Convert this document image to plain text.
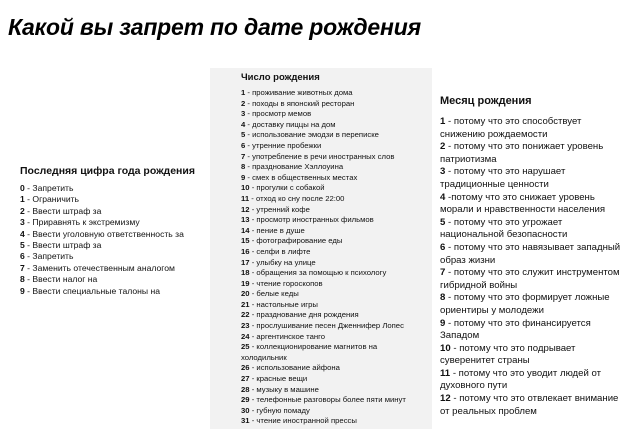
Какой вы запрет по дате рождения
Последняя цифра года рождения
0 - Запретить
1 - Ограничить
2 - Ввести штраф за
3 - Приравнять к экстремизму
4 - Ввести уголовную ответственность за
5 - Ввести штраф за
6 - Запретить
7 - Заменить отечественным аналогом
8 - Ввести налог на
9 - Ввести специальные талоны на
Число рождения
1 - проживание животных дома
2 - походы в японский ресторан
3 - просмотр мемов
4 - доставку пиццы на дом
5 - использование эмодзи в переписке
6 - утренние пробежки
7 - употребление в речи иностранных слов
8 - празднование Хэллоуина
9 - смех в общественных местах
10 - прогулки с собакой
11 - отход ко сну после 22:00
12 - утренний кофе
13 - просмотр иностранных фильмов
14 - пение в душе
15 - фотографирование еды
16 - селфи в лифте
17 - улыбку на улице
18 - обращения за помощью к психологу
19 - чтение гороскопов
20 - белые кеды
21 - настольные игры
22 - празднование дня рождения
23 - прослушивание песен Дженнифер Лопес
24 - аргентинское танго
25 - коллекционирование магнитов на холодильник
26 - использование айфона
27 - красные вещи
28 - музыку в машине
29 - телефонные разговоры более пяти минут
30 - губную помаду
31 - чтение иностранной прессы
Месяц рождения
1 - потому что это способствует снижению рождаемости
2 - потому что это понижает уровень патриотизма
3 - потому что это нарушает традиционные ценности
4 -потому что это снижает уровень морали и нравственности населения
5 - потому что это угрожает национальной безопасности
6 - потому что это навязывает западный образ жизни
7 - потому что это служит инструментом гибридной войны
8 - потому что это формирует ложные ориентиры у молодежи
9 - потому что это финансируется Западом
10 - потому что это подрывает суверенитет страны
11 - потому что это уводит людей от духовного пути
12 - потому что это отвлекает внимание от реальных проблем
